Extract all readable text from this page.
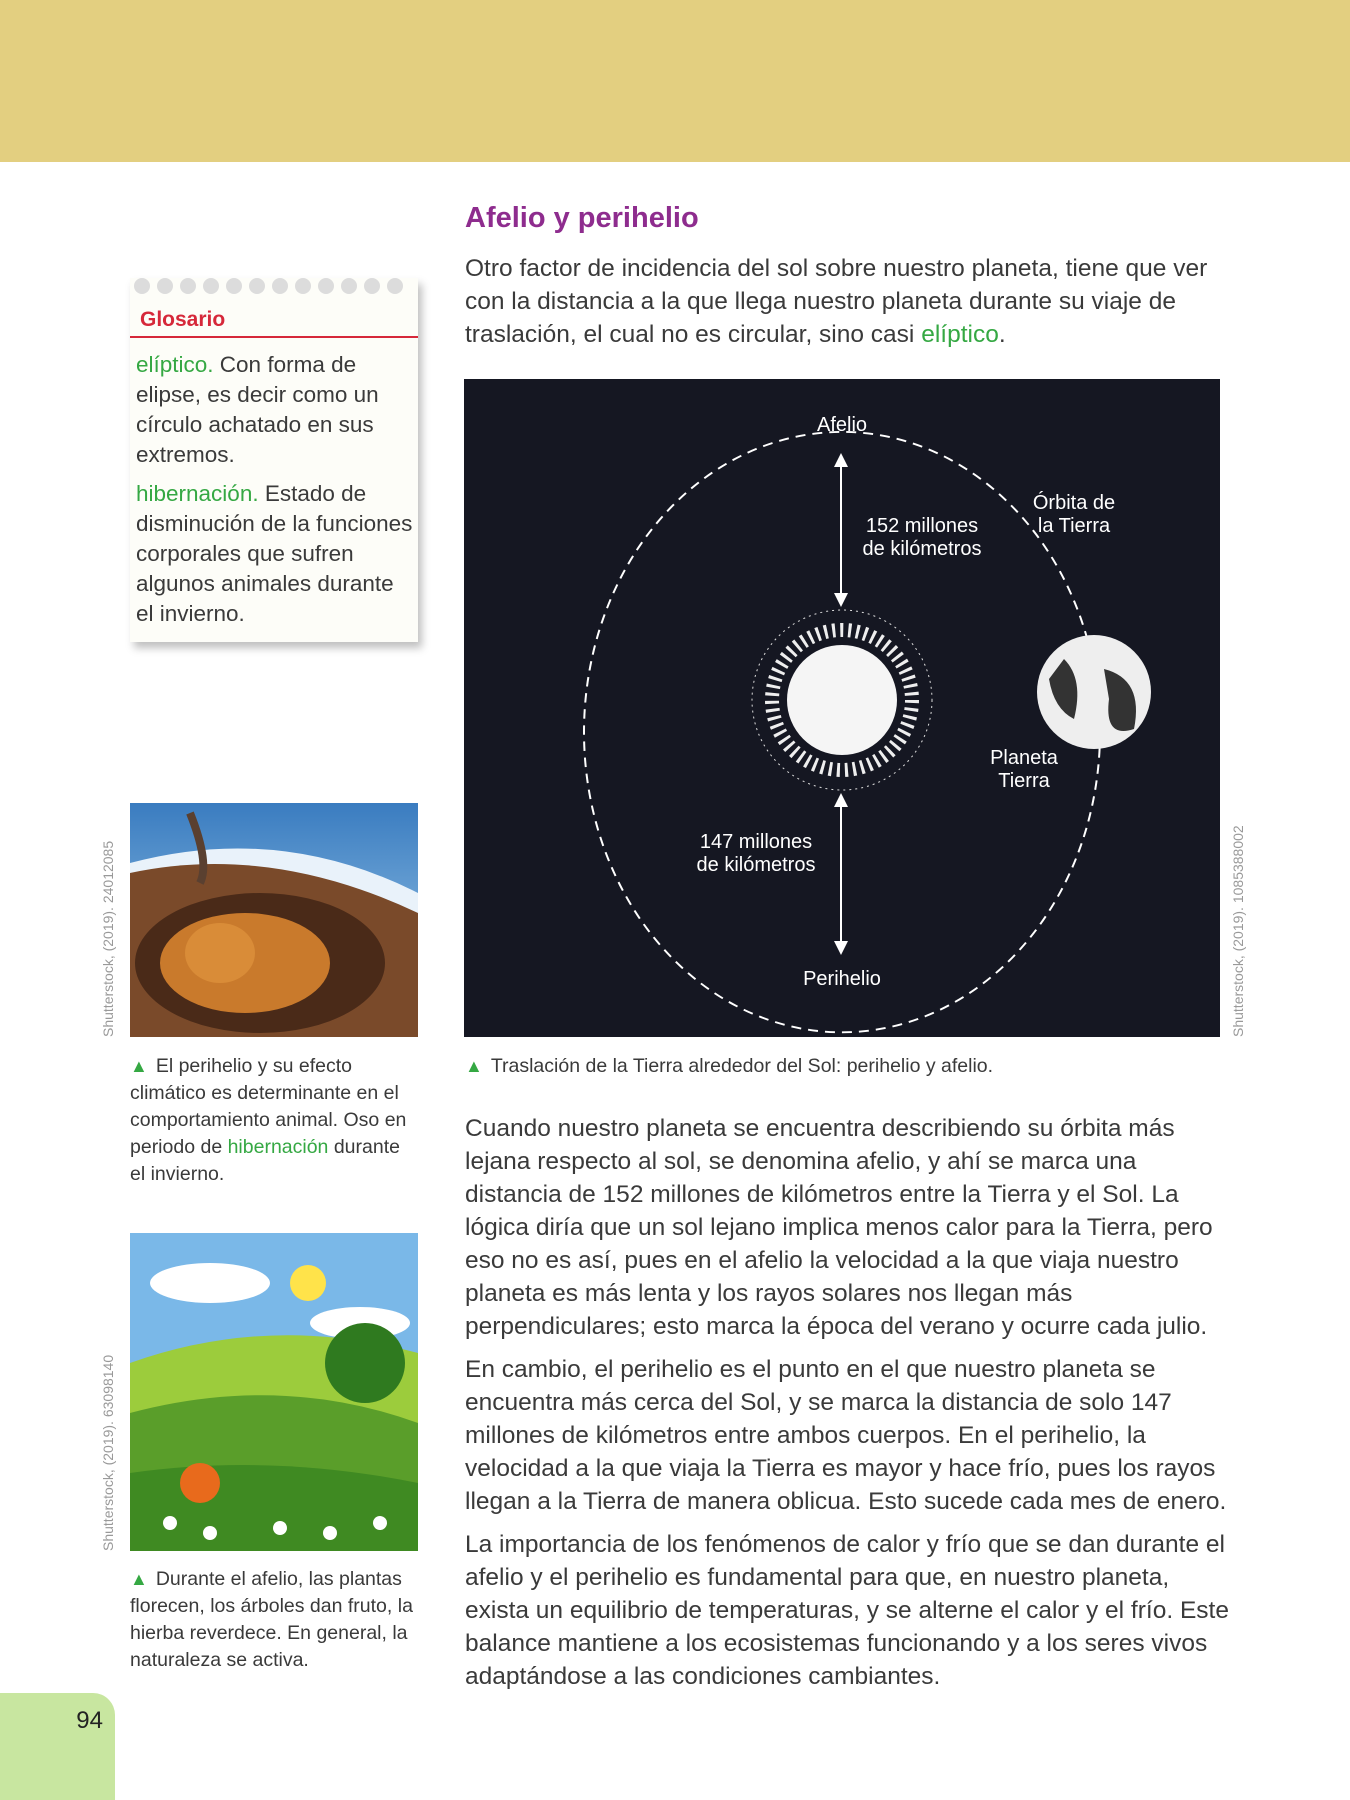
Afelio y perihelio

Otro factor de incidencia del sol sobre nuestro planeta, tiene que ver con la distancia a la que llega nuestro planeta durante su viaje de traslación, el cual no es circular, sino casi elíptico.

Glosario

elíptico. Con forma de elipse, es decir como un círculo achatado en sus extremos.

hibernación. Estado de disminución de la funciones corporales que sufren algunos animales durante el invierno.

Shutterstock, (2019). 24012085
▲ El perihelio y su efecto climático es determinante en el comportamiento animal. Oso en periodo de hibernación durante el invierno.
Shutterstock, (2019). 63098140
▲ Durante el afelio, las plantas florecen, los árboles dan fruto, la hierba reverdece. En general, la naturaleza se activa.
Afelio
152 millones de kilómetros
147 millones de kilómetros
Perihelio
Órbita de la Tierra
Planeta Tierra
Shutterstock, (2019). 1085388002
▲ Traslación de la Tierra alrededor del Sol: perihelio y afelio.

Cuando nuestro planeta se encuentra describiendo su órbita más lejana respecto al sol, se denomina afelio, y ahí se marca una distancia de 152 millones de kilómetros entre la Tierra y el Sol. La lógica diría que un sol lejano implica menos calor para la Tierra, pero eso no es así, pues en el afelio la velocidad a la que viaja nuestro planeta es más lenta y los rayos solares nos llegan más perpendiculares; esto marca la época del verano y ocurre cada julio.

En cambio, el perihelio es el punto en el que nuestro planeta se encuentra más cerca del Sol, y se marca la distancia de solo 147 millones de kilómetros entre ambos cuerpos. En el perihelio, la velocidad a la que viaja la Tierra es mayor y hace frío, pues los rayos llegan a la Tierra de manera oblicua. Esto sucede cada mes de enero.

La importancia de los fenómenos de calor y frío que se dan durante el afelio y el perihelio es fundamental para que, en nuestro planeta, exista un equilibrio de temperaturas, y se alterne el calor y el frío. Este balance mantiene a los ecosistemas funcionando y a los seres vivos adaptándose a las condiciones cambiantes.

94
